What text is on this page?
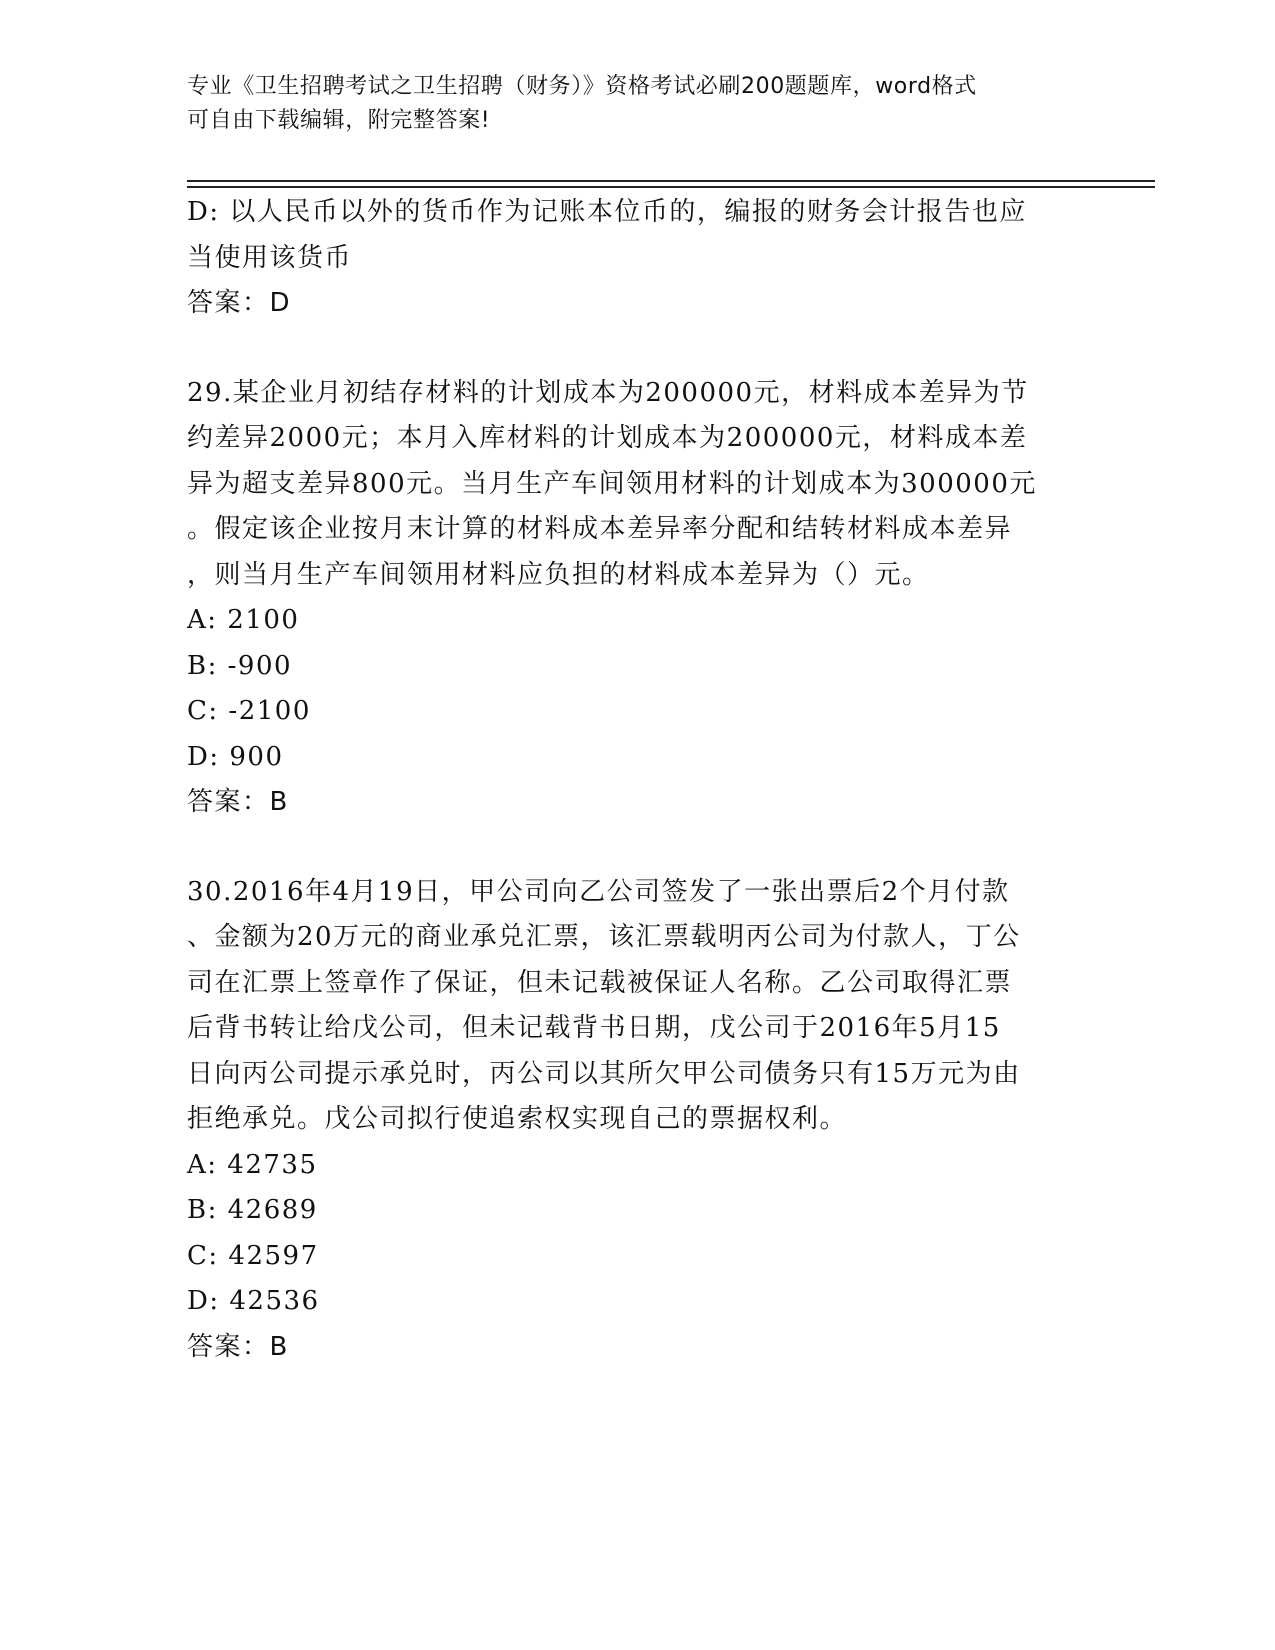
专业《卫生招聘考试之卫生招聘（财务）》资格考试必刷200题题库，word格式

可自由下载编辑，附完整答案!

D: 以人民币以外的货币作为记账本位币的，编报的财务会计报告也应

当使用该货币

答案：D

29.某企业月初结存材料的计划成本为200000元，材料成本差异为节

约差异2000元；本月入库材料的计划成本为200000元，材料成本差

异为超支差异800元。当月生产车间领用材料的计划成本为300000元

。假定该企业按月末计算的材料成本差异率分配和结转材料成本差异

，则当月生产车间领用材料应负担的材料成本差异为（）元。

A: 2100

B: -900

C: -2100

D: 900

答案：B

30.2016年4月19日，甲公司向乙公司签发了一张出票后2个月付款

、金额为20万元的商业承兑汇票，该汇票载明丙公司为付款人，丁公

司在汇票上签章作了保证，但未记载被保证人名称。乙公司取得汇票

后背书转让给戊公司，但未记载背书日期，戊公司于2016年5月15

日向丙公司提示承兑时，丙公司以其所欠甲公司债务只有15万元为由

拒绝承兑。戊公司拟行使追索权实现自己的票据权利。

A: 42735

B: 42689

C: 42597

D: 42536

答案：B
